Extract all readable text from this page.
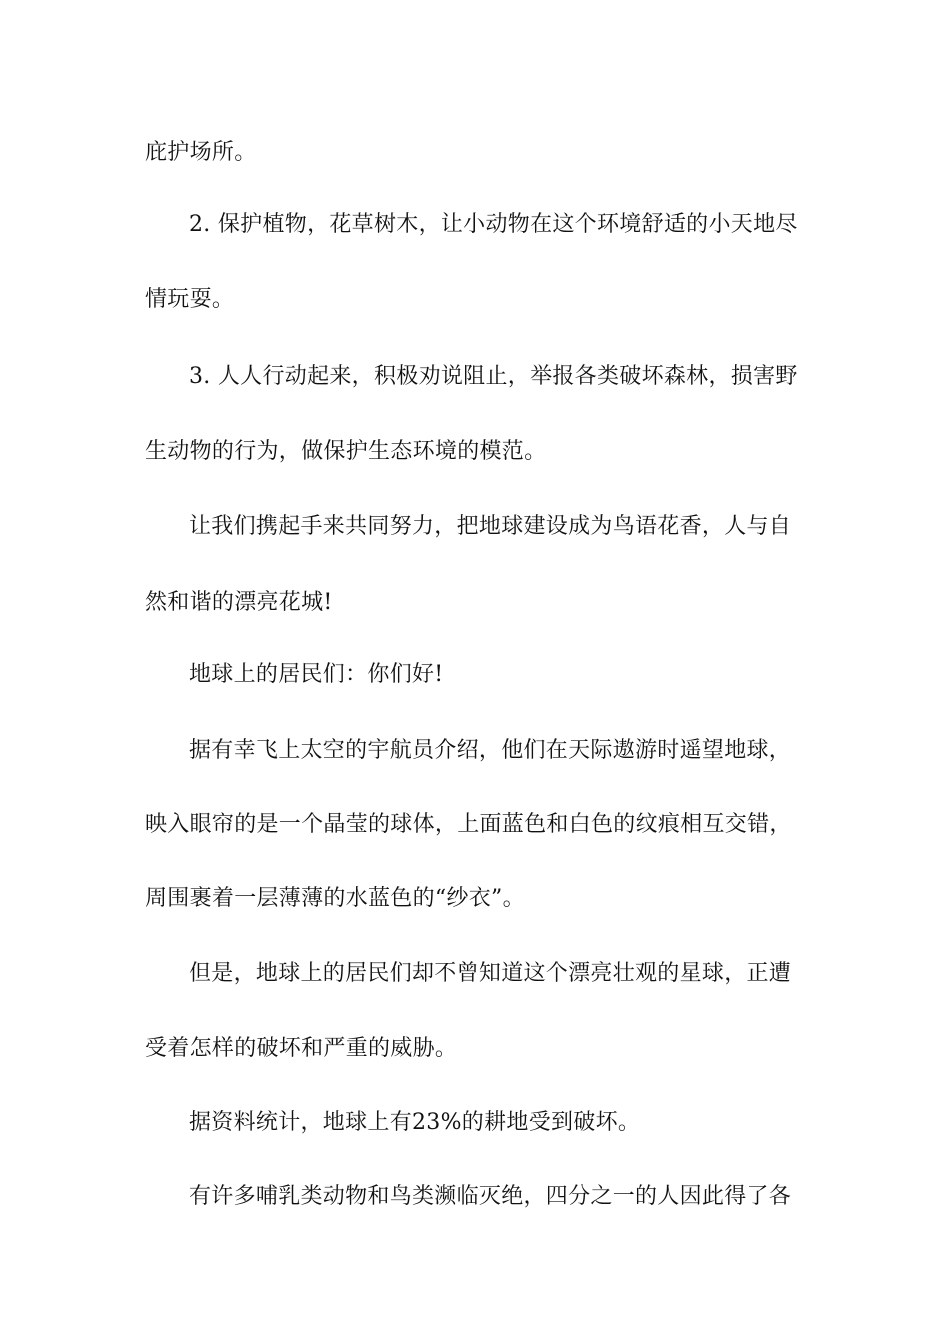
庇护场所。
2. 保护植物，花草树木，让小动物在这个环境舒适的小天地尽
情玩耍。
3. 人人行动起来，积极劝说阻止，举报各类破坏森林，损害野
生动物的行为，做保护生态环境的模范。
让我们携起手来共同努力，把地球建设成为鸟语花香，人与自
然和谐的漂亮花城!
地球上的居民们：你们好!
据有幸飞上太空的宇航员介绍，他们在天际遨游时遥望地球，
映入眼帘的是一个晶莹的球体，上面蓝色和白色的纹痕相互交错，
周围裹着一层薄薄的水蓝色的“纱衣”。
但是，地球上的居民们却不曾知道这个漂亮壮观的星球，正遭
受着怎样的破坏和严重的威胁。
据资料统计，地球上有23%的耕地受到破坏。
有许多哺乳类动物和鸟类濒临灭绝，四分之一的人因此得了各
